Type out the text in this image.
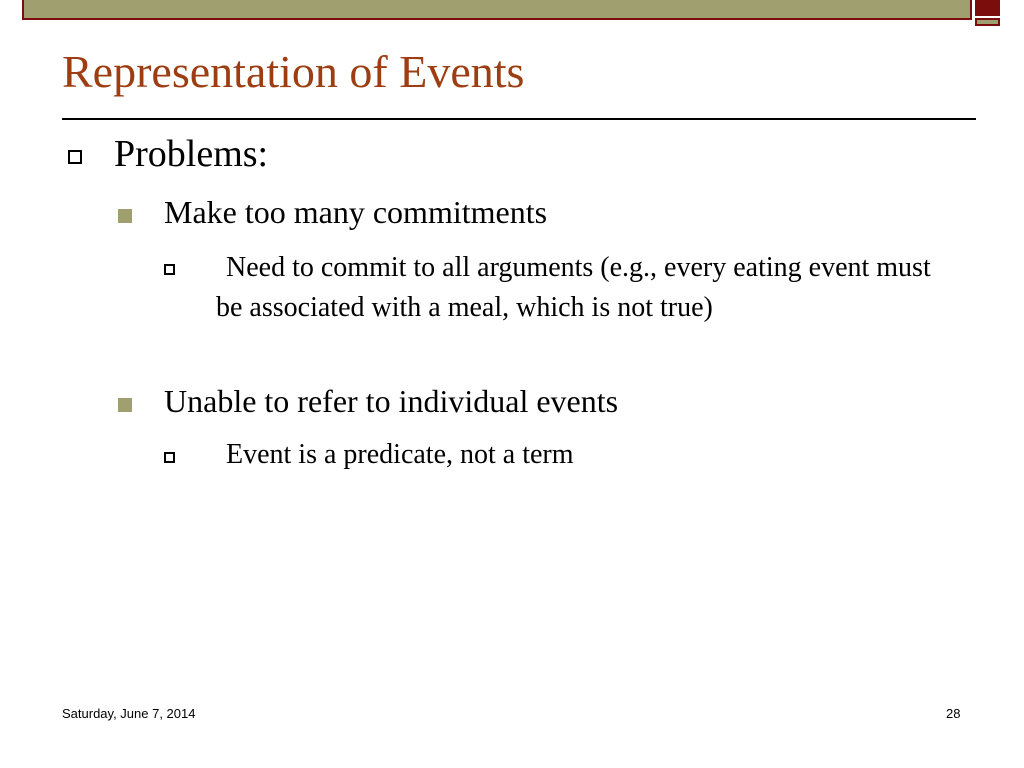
Representation of Events
Problems:
Make too many commitments
Need to commit to all arguments (e.g., every eating event must be associated with a meal, which is not true)
Unable to refer to individual events
Event is a predicate, not a term
Saturday, June 7, 2014	28
